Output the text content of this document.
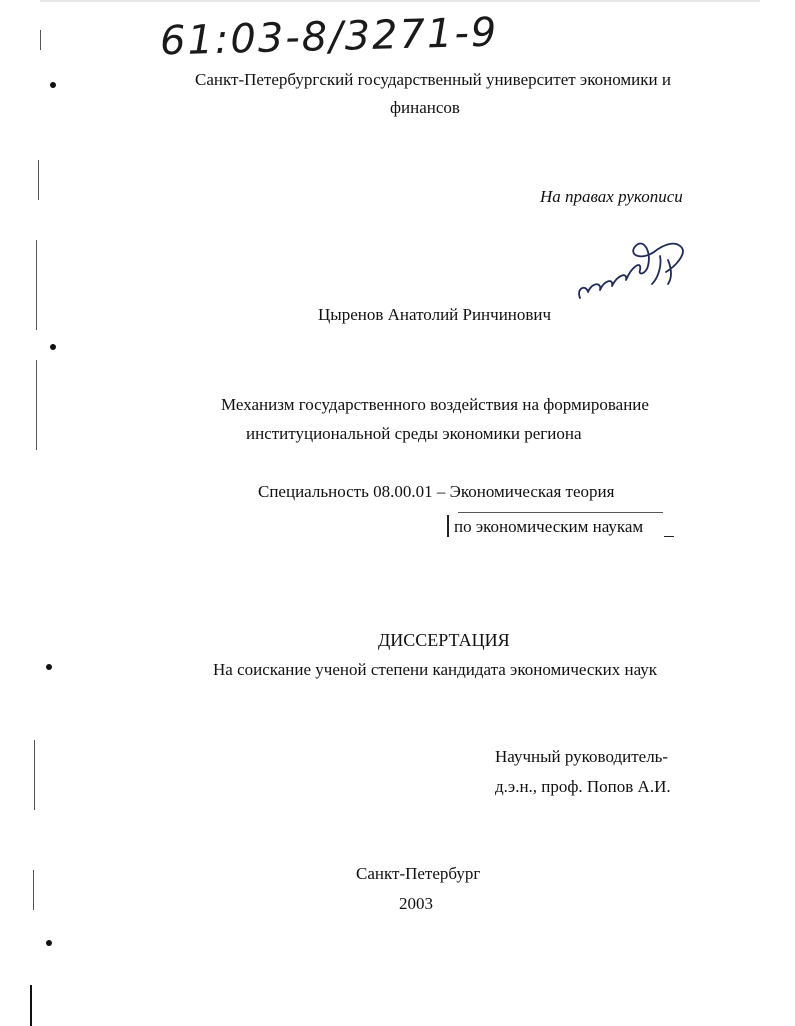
61:03-8/3271-9
Санкт-Петербургский государственный университет экономики и
финансов
На правах рукописи
Цыренов Анатолий Ринчинович
Механизм государственного воздействия на формирование
институциональной среды экономики региона
Специальность 08.00.01 – Экономическая теория
по экономическим наукам
ДИССЕРТАЦИЯ
На соискание ученой степени кандидата экономических наук
Научный руководитель-
д.э.н., проф. Попов А.И.
Санкт-Петербург
2003
